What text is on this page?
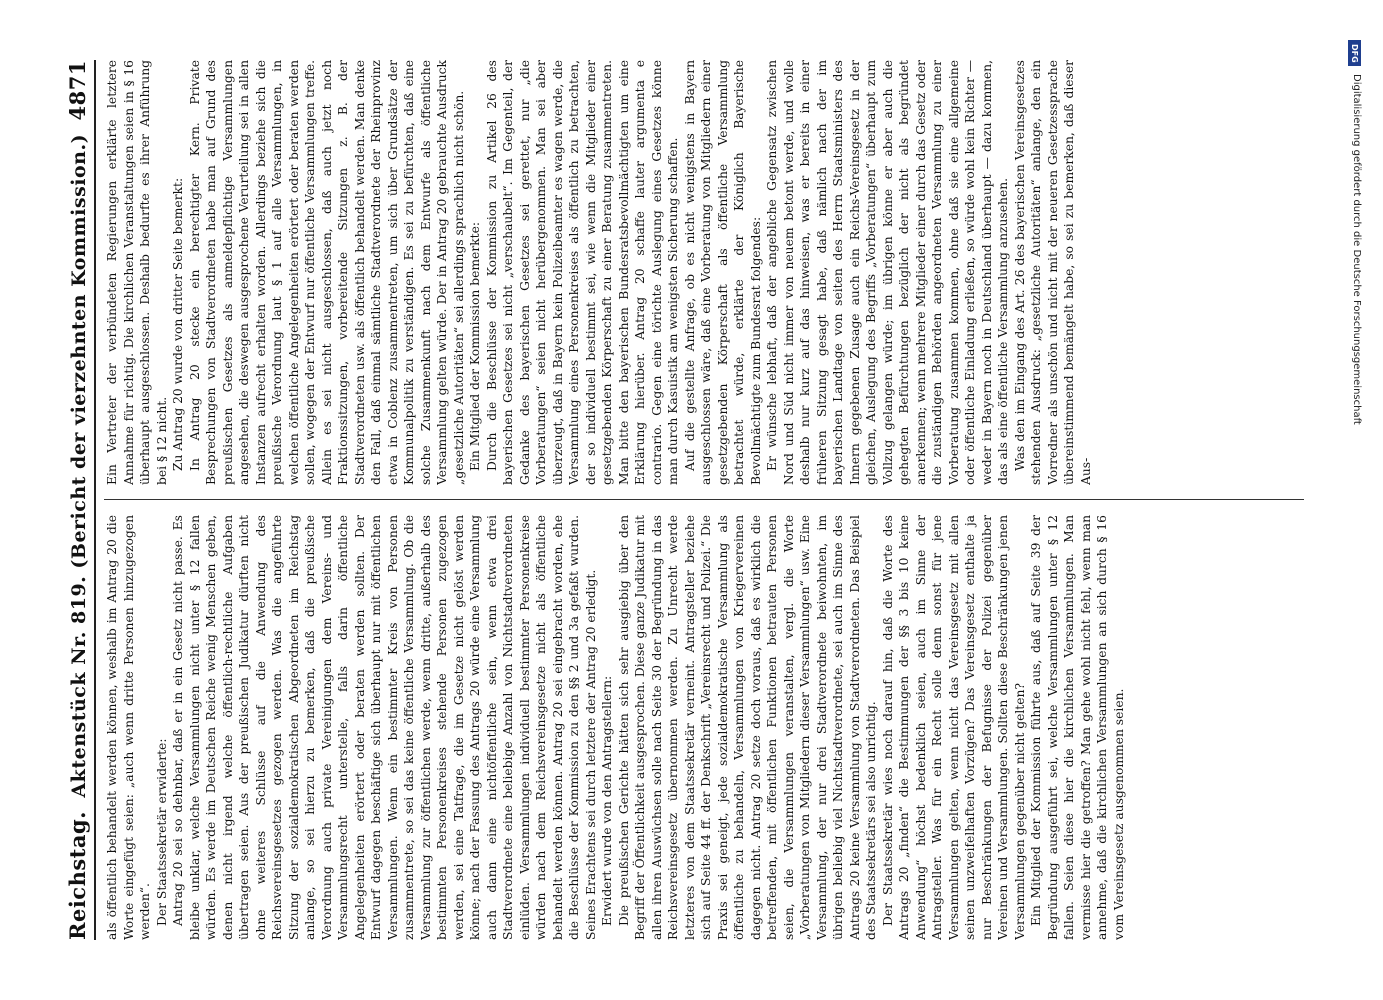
Reichstag.
Aktenstück Nr. 819. (Bericht der vierzehnten Kommission.)
4871

als öffentlich behandelt werden können, weshalb im Antrag 20 die Worte eingefügt seien: „auch wenn dritte Personen hinzugezogen werden“. Der Staatssekretär erwiderte: Antrag 20 sei so dehnbar, daß er in ein Gesetz nicht passe. Es bleibe unklar, welche Versammlungen nicht unter § 12 fallen würden. Es werde im Deutschen Reiche wenig Menschen geben, denen nicht irgend welche öffentlich-rechtliche Aufgaben übertragen seien. Aus der preußischen Judikatur dürften nicht ohne weiteres Schlüsse auf die Anwendung des Reichsvereinsgesetzes gezogen werden. Was die angeführte Sitzung der sozialdemokratischen Abgeordneten im Reichstag anlange, so sei hierzu zu bemerken, daß die preußische Verordnung auch private Vereinigungen dem Vereins- und Versammlungsrecht unterstelle, falls darin öffentliche Angelegenheiten erörtert oder beraten werden sollten. Der Entwurf dagegen beschäftige sich überhaupt nur mit öffentlichen Versammlungen. Wenn ein bestimmter Kreis von Personen zusammentrete, so sei das keine öffentliche Versammlung. Ob die Versammlung zur öffentlichen werde, wenn dritte, außerhalb des bestimmten Personenkreises stehende Personen zugezogen werden, sei eine Tatfrage, die im Gesetze nicht gelöst werden könne; nach der Fassung des Antrags 20 würde eine Versammlung auch dann eine nichtöffentliche sein, wenn etwa drei Stadtverordnete eine beliebige Anzahl von Nichtstadtverordneten einlüden. Versammlungen individuell bestimmter Personenkreise würden nach dem Reichsvereinsgesetze nicht als öffentliche behandelt werden können. Antrag 20 sei eingebracht worden, ehe die Beschlüsse der Kommission zu den §§ 2 und 3a gefaßt wurden. Seines Erachtens sei durch letztere der Antrag 20 erledigt. Erwidert wurde von den Antragstellern: Die preußischen Gerichte hätten sich sehr ausgiebig über den Begriff der Öffentlichkeit ausgesprochen. Diese ganze Judikatur mit allen ihren Auswüchsen solle nach Seite 30 der Begründung in das Reichsvereinsgesetz übernommen werden. Zu Unrecht werde letzteres von dem Staatssekretär verneint. Antragsteller beziehe sich auf Seite 44 ff. der Denkschrift „Vereinsrecht und Polizei.“ Die Praxis sei geneigt, jede sozialdemokratische Versammlung als öffentliche zu behandeln, Versammlungen von Kriegervereinen dagegen nicht. Antrag 20 setze doch voraus, daß es wirklich die betreffenden, mit öffentlichen Funktionen betrauten Personen seien, die Versammlungen veranstalten, vergl. die Worte „Vorberatungen von Mitgliedern dieser Versammlungen“ usw. Eine Versammlung, der nur drei Stadtverordnete beiwohnten, im übrigen beliebig viel Nichtstadtverordnete, sei auch im Sinne des Antrags 20 keine Versammlung von Stadtverordneten. Das Beispiel des Staatssekretärs sei also unrichtig. Der Staatssekretär wies noch darauf hin, daß die Worte des Antrags 20 „finden“ die Bestimmungen der §§ 3 bis 10 keine Anwendung“ höchst bedenklich seien, auch im Sinne der Antragsteller. Was für ein Recht solle denn sonst für jene Versammlungen gelten, wenn nicht das Vereinsgesetz mit allen seinen unzweifelhaften Vorzügen? Das Vereinsgesetz enthalte ja nur Beschränkungen der Befugnisse der Polizei gegenüber Vereinen und Versammlungen. Sollten diese Beschränkungen jenen Versammlungen gegenüber nicht gelten? Ein Mitglied der Kommission führte aus, daß auf Seite 39 der Begründung ausgeführt sei, welche Versammlungen unter § 12 fallen. Seien diese hier die kirchlichen Versammlungen. Man vermisse hier die getroffen? Man gehe wohl nicht fehl, wenn man annehme, daß die kirchlichen Versammlungen an sich durch § 16 vom Vereinsgesetz ausgenommen seien.

Ein Vertreter der verbündeten Regierungen erklärte letztere Annahme für richtig. Die kirchlichen Veranstaltungen seien in § 16 überhaupt ausgeschlossen. Deshalb bedurfte es ihrer Anführung bei § 12 nicht. Zu Antrag 20 wurde von dritter Seite bemerkt: In Antrag 20 stecke ein berechtigter Kern. Private Besprechungen von Stadtverordneten habe man auf Grund des preußischen Gesetzes als anmeldepflichtige Versammlungen angesehen, die deswegen ausgesprochene Verurteilung sei in allen Instanzen aufrecht erhalten worden. Allerdings beziehe sich die preußische Verordnung laut § 1 auf alle Versammlungen, in welchen öffentliche Angelegenheiten erörtert oder beraten werden sollen, wogegen der Entwurf nur öffentliche Versammlungen treffe. Allein es sei nicht ausgeschlossen, daß auch jetzt noch Fraktionssitzungen, vorbereitende Sitzungen z. B. der Stadtverordneten usw. als öffentlich behandelt werden. Man denke den Fall, daß einmal sämtliche Stadtverordnete der Rheinprovinz etwa in Coblenz zusammentreten, um sich über Grundsätze der Kommunalpolitik zu verständigen. Es sei zu befürchten, daß eine solche Zusammenkunft nach dem Entwurfe als öffentliche Versammlung gelten würde. Der in Antrag 20 gebrauchte Ausdruck „gesetzliche Autoritäten“ sei allerdings sprachlich nicht schön. Ein Mitglied der Kommission bemerkte: Durch die Beschlüsse der Kommission zu Artikel 26 des bayerischen Gesetzes sei nicht „verschaubelt“. Im Gegenteil, der Gedanke des bayerischen Gesetzes sei gerettet, nur „die Vorberatungen“ seien nicht herübergenommen. Man sei aber überzeugt, daß in Bayern kein Polizeibeamter es wagen werde, die Versammlung eines Personenkreises als öffentlich zu betrachten, der so individuell bestimmt sei, wie wenn die Mitglieder einer gesetzgebenden Körperschaft zu einer Beratung zusammentreten. Man bitte den bayerischen Bundesratsbevollmächtigten um eine Erklärung hierüber. Antrag 20 schaffe lauter argumenta e contrario. Gegen eine törichte Auslegung eines Gesetzes könne man durch Kasuistik am wenigsten Sicherung schaffen. Auf die gestellte Anfrage, ob es nicht wenigstens in Bayern ausgeschlossen wäre, daß eine Vorberatung von Mitgliedern einer gesetzgebenden Körperschaft als öffentliche Versammlung betrachtet würde, erklärte der Königlich Bayerische Bevollmächtigte zum Bundesrat folgendes: Er wünsche lebhaft, daß der angebliche Gegensatz zwischen Nord und Süd nicht immer von neuem betont werde, und wolle deshalb nur kurz auf das hinweisen, was er bereits in einer früheren Sitzung gesagt habe, daß nämlich nach der im bayerischen Landtage von seiten des Herrn Staatsministers des Innern gegebenen Zusage auch ein Reichs-Vereinsgesetz in der gleichen, Auslegung des Begriffs „Vorberatungen“ überhaupt zum Vollzug gelangen würde; im übrigen könne er aber auch die gehegten Befürchtungen bezüglich der nicht als begründet anerkennen; wenn mehrere Mitglieder einer durch das Gesetz oder die zuständigen Behörden angeordneten Versammlung zu einer Vorberatung zusammen kommen, ohne daß sie eine allgemeine oder öffentliche Einladung erließen, so würde wohl kein Richter — weder in Bayern noch in Deutschland überhaupt — dazu kommen, das als eine öffentliche Versammlung anzusehen. Was den im Eingang des Art. 26 des bayerischen Vereinsgesetzes stehenden Ausdruck: „gesetzliche Autoritäten“ anlange, den ein Vorredner als unschön und nicht mit der neueren Gesetzessprache übereinstimmend bemängelt habe, so sei zu bemerken, daß dieser Aus-

DFG
Digitalisierung gefördert durch die Deutsche Forschungsgemeinschaft
